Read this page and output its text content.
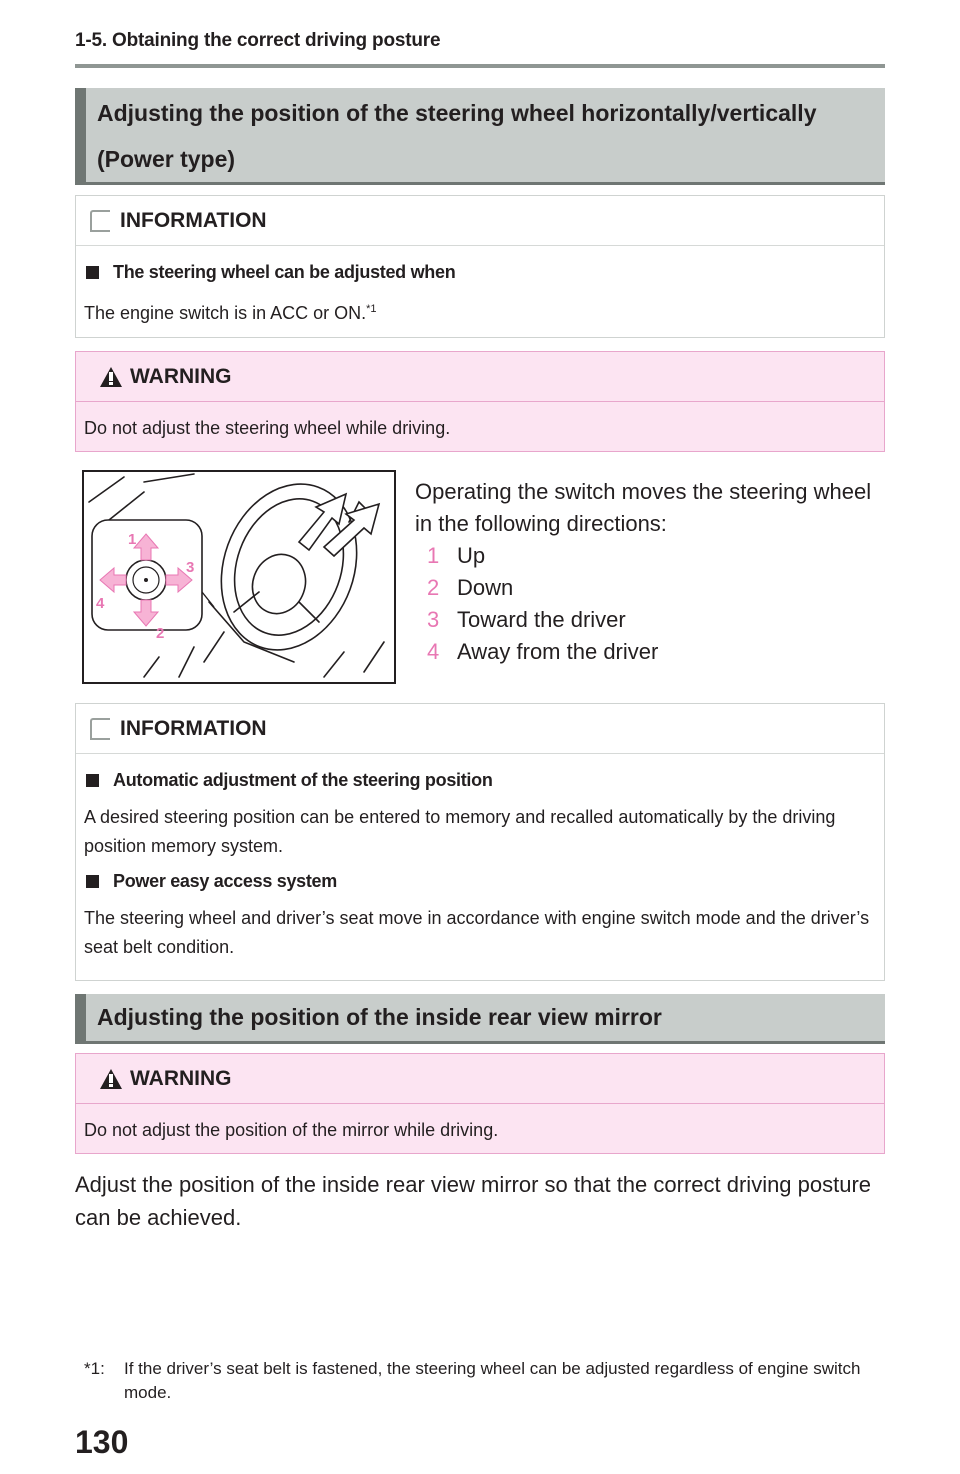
1-5. Obtaining the correct driving posture
Adjusting the position of the steering wheel horizontally/vertically
(Power type)
INFORMATION
The steering wheel can be adjusted when
The engine switch is in ACC or ON.$^{*1}$
WARNING
Do not adjust the steering wheel while driving.
1
2
3
4
Operating the switch moves the steering wheel in the following directions:
1 Up
2 Down
3 Toward the driver
4 Away from the driver
INFORMATION
Automatic adjustment of the steering position
A desired steering position can be entered to memory and recalled automatically by the driving position memory system.
Power easy access system
The steering wheel and driver’s seat move in accordance with engine switch mode and the driver’s seat belt condition.
Adjusting the position of the inside rear view mirror
WARNING
Do not adjust the position of the mirror while driving.
Adjust the position of the inside rear view mirror so that the correct driving posture can be achieved.
*1:	If the driver’s seat belt is fastened, the steering wheel can be adjusted regardless of engine switch mode.
130
